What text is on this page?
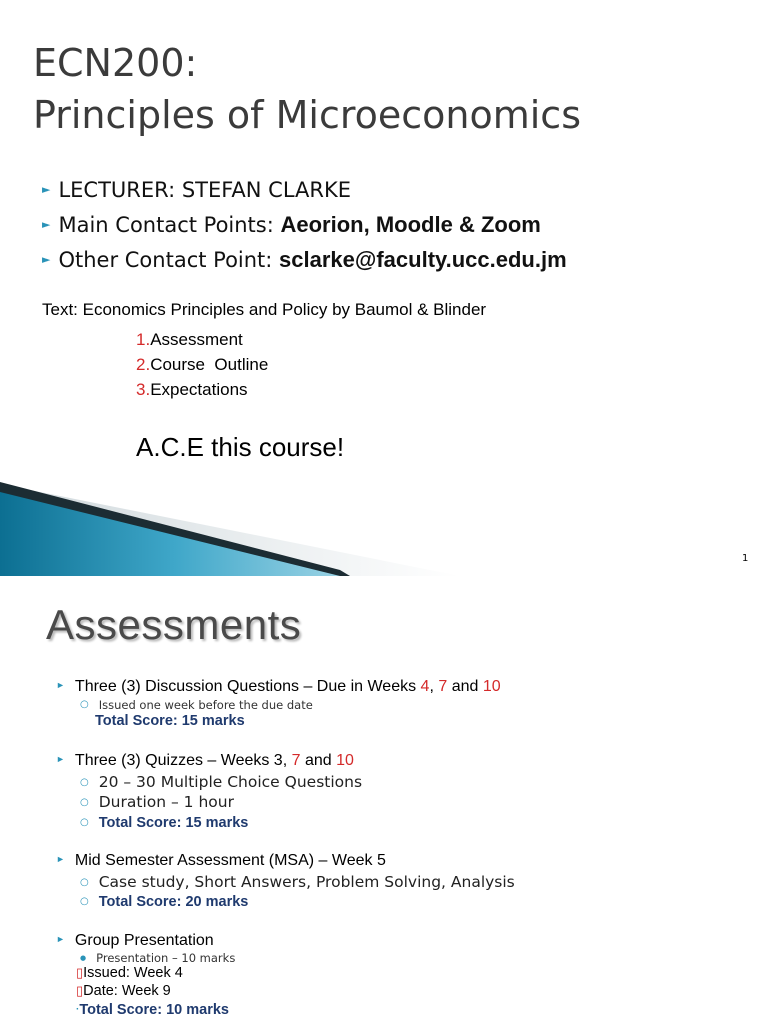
ECN200:
Principles of Microeconomics
► LECTURER: STEFAN CLARKE
► Main Contact Points: Aeorion, Moodle & Zoom
► Other Contact Point: sclarke@faculty.ucc.edu.jm
Text: Economics Principles and Policy by Baumol & Blinder
1.Assessment
2.Course  Outline
3.Expectations
A.C.E this course!
1
Assessments
► Three (3) Discussion Questions – Due in Weeks 4, 7 and 10
○ Issued one week before the due date
Total Score: 15 marks
► Three (3) Quizzes – Weeks 3, 7 and 10
○ 20 – 30 Multiple Choice Questions
○ Duration – 1 hour
○ Total Score: 15 marks
► Mid Semester Assessment (MSA) – Week 5
○ Case study, Short Answers, Problem Solving, Analysis
○ Total Score: 20 marks
► Group Presentation
● Presentation – 10 marks
▯Issued: Week 4
▯Date: Week 9
·Total Score: 10 marks
